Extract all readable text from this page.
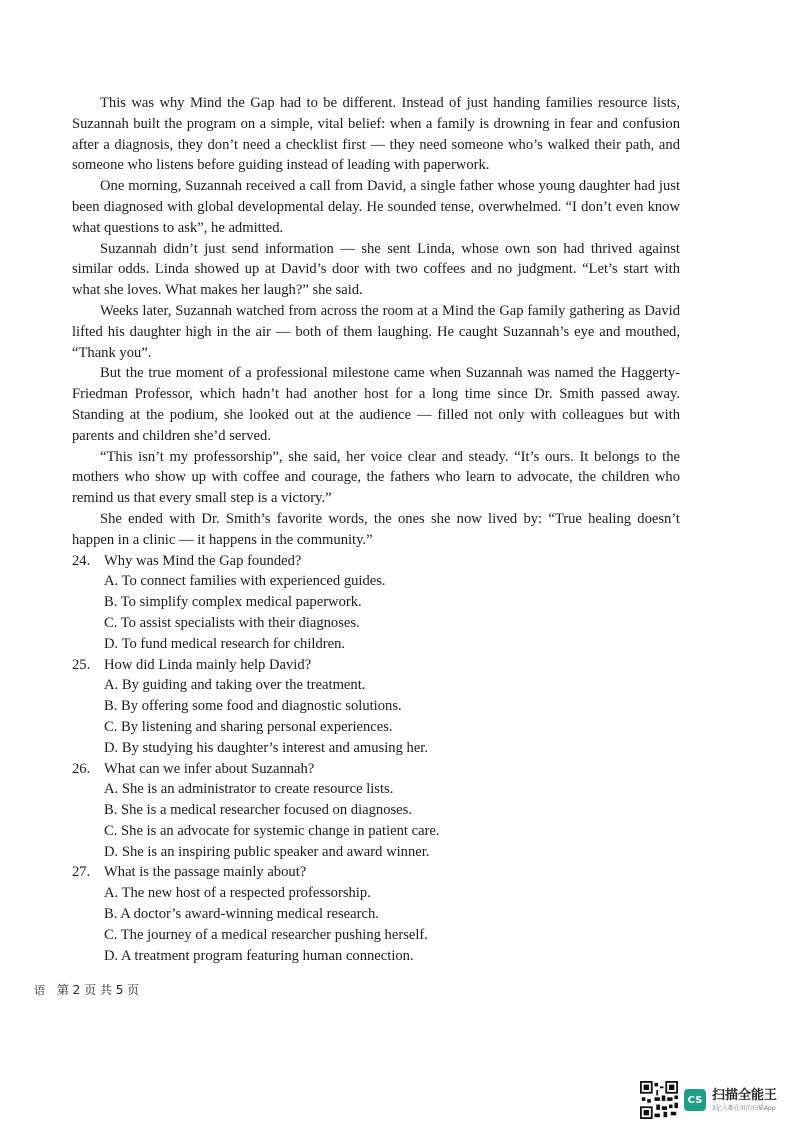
This was why Mind the Gap had to be different. Instead of just handing families resource lists, Suzannah built the program on a simple, vital belief: when a family is drowning in fear and confusion after a diagnosis, they don’t need a checklist first — they need someone who’s walked their path, and someone who listens before guiding instead of leading with paperwork.

One morning, Suzannah received a call from David, a single father whose young daughter had just been diagnosed with global developmental delay. He sounded tense, overwhelmed. “I don’t even know what questions to ask”, he admitted.

Suzannah didn’t just send information — she sent Linda, whose own son had thrived against similar odds. Linda showed up at David’s door with two coffees and no judgment. “Let’s start with what she loves. What makes her laugh?” she said.

Weeks later, Suzannah watched from across the room at a Mind the Gap family gathering as David lifted his daughter high in the air — both of them laughing. He caught Suzannah’s eye and mouthed, “Thank you”.

But the true moment of a professional milestone came when Suzannah was named the Haggerty-Friedman Professor, which hadn’t had another host for a long time since Dr. Smith passed away. Standing at the podium, she looked out at the audience — filled not only with colleagues but with parents and children she’d served.

“This isn’t my professorship”, she said, her voice clear and steady. “It’s ours. It belongs to the mothers who show up with coffee and courage, the fathers who learn to advocate, the children who remind us that every small step is a victory.”

She ended with Dr. Smith’s favorite words, the ones she now lived by: “True healing doesn’t happen in a clinic — it happens in the community.”

24. Why was Mind the Gap founded?

A. To connect families with experienced guides.

B. To simplify complex medical paperwork.

C. To assist specialists with their diagnoses.

D. To fund medical research for children.

25. How did Linda mainly help David?

A. By guiding and taking over the treatment.

B. By offering some food and diagnostic solutions.

C. By listening and sharing personal experiences.

D. By studying his daughter’s interest and amusing her.

26. What can we infer about Suzannah?

A. She is an administrator to create resource lists.

B. She is a medical researcher focused on diagnoses.

C. She is an advocate for systemic change in patient care.

D. She is an inspiring public speaker and award winner.

27. What is the passage mainly about?

A. The new host of a respected professorship.

B. A doctor’s award-winning medical research.

C. The journey of a medical researcher pushing herself.

D. A treatment program featuring human connection.

语 第 2 页 共 5 页
CS 扫描全能王
3亿人都在用的扫描App
